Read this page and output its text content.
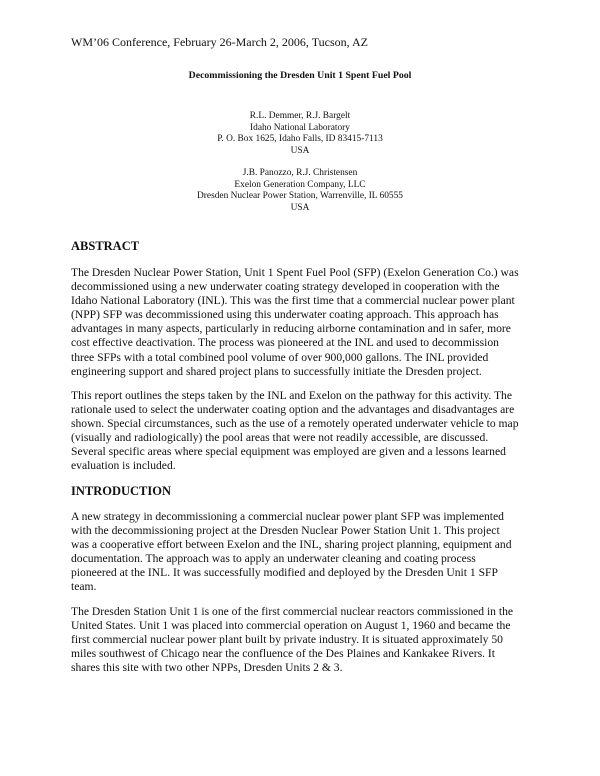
WM’06 Conference, February 26-March 2, 2006, Tucson, AZ
Decommissioning the Dresden Unit 1 Spent Fuel Pool
R.L. Demmer, R.J. Bargelt
Idaho National Laboratory
P. O. Box 1625, Idaho Falls, ID 83415-7113
USA
J.B. Panozzo, R.J. Christensen
Exelon Generation Company, LLC
Dresden Nuclear Power Station, Warrenville, IL 60555
USA
ABSTRACT
The Dresden Nuclear Power Station, Unit 1 Spent Fuel Pool (SFP) (Exelon Generation Co.) was
decommissioned using a new underwater coating strategy developed in cooperation with the
Idaho National Laboratory (INL). This was the first time that a commercial nuclear power plant
(NPP) SFP was decommissioned using this underwater coating approach. This approach has
advantages in many aspects, particularly in reducing airborne contamination and in safer, more
cost effective deactivation. The process was pioneered at the INL and used to decommission
three SFPs with a total combined pool volume of over 900,000 gallons. The INL provided
engineering support and shared project plans to successfully initiate the Dresden project.
This report outlines the steps taken by the INL and Exelon on the pathway for this activity. The
rationale used to select the underwater coating option and the advantages and disadvantages are
shown. Special circumstances, such as the use of a remotely operated underwater vehicle to map
(visually and radiologically) the pool areas that were not readily accessible, are discussed.
Several specific areas where special equipment was employed are given and a lessons learned
evaluation is included.
INTRODUCTION
A new strategy in decommissioning a commercial nuclear power plant SFP was implemented
with the decommissioning project at the Dresden Nuclear Power Station Unit 1. This project
was a cooperative effort between Exelon and the INL, sharing project planning, equipment and
documentation. The approach was to apply an underwater cleaning and coating process
pioneered at the INL. It was successfully modified and deployed by the Dresden Unit 1 SFP
team.
The Dresden Station Unit 1 is one of the first commercial nuclear reactors commissioned in the
United States. Unit 1 was placed into commercial operation on August 1, 1960 and became the
first commercial nuclear power plant built by private industry. It is situated approximately 50
miles southwest of Chicago near the confluence of the Des Plaines and Kankakee Rivers. It
shares this site with two other NPPs, Dresden Units 2 & 3.
